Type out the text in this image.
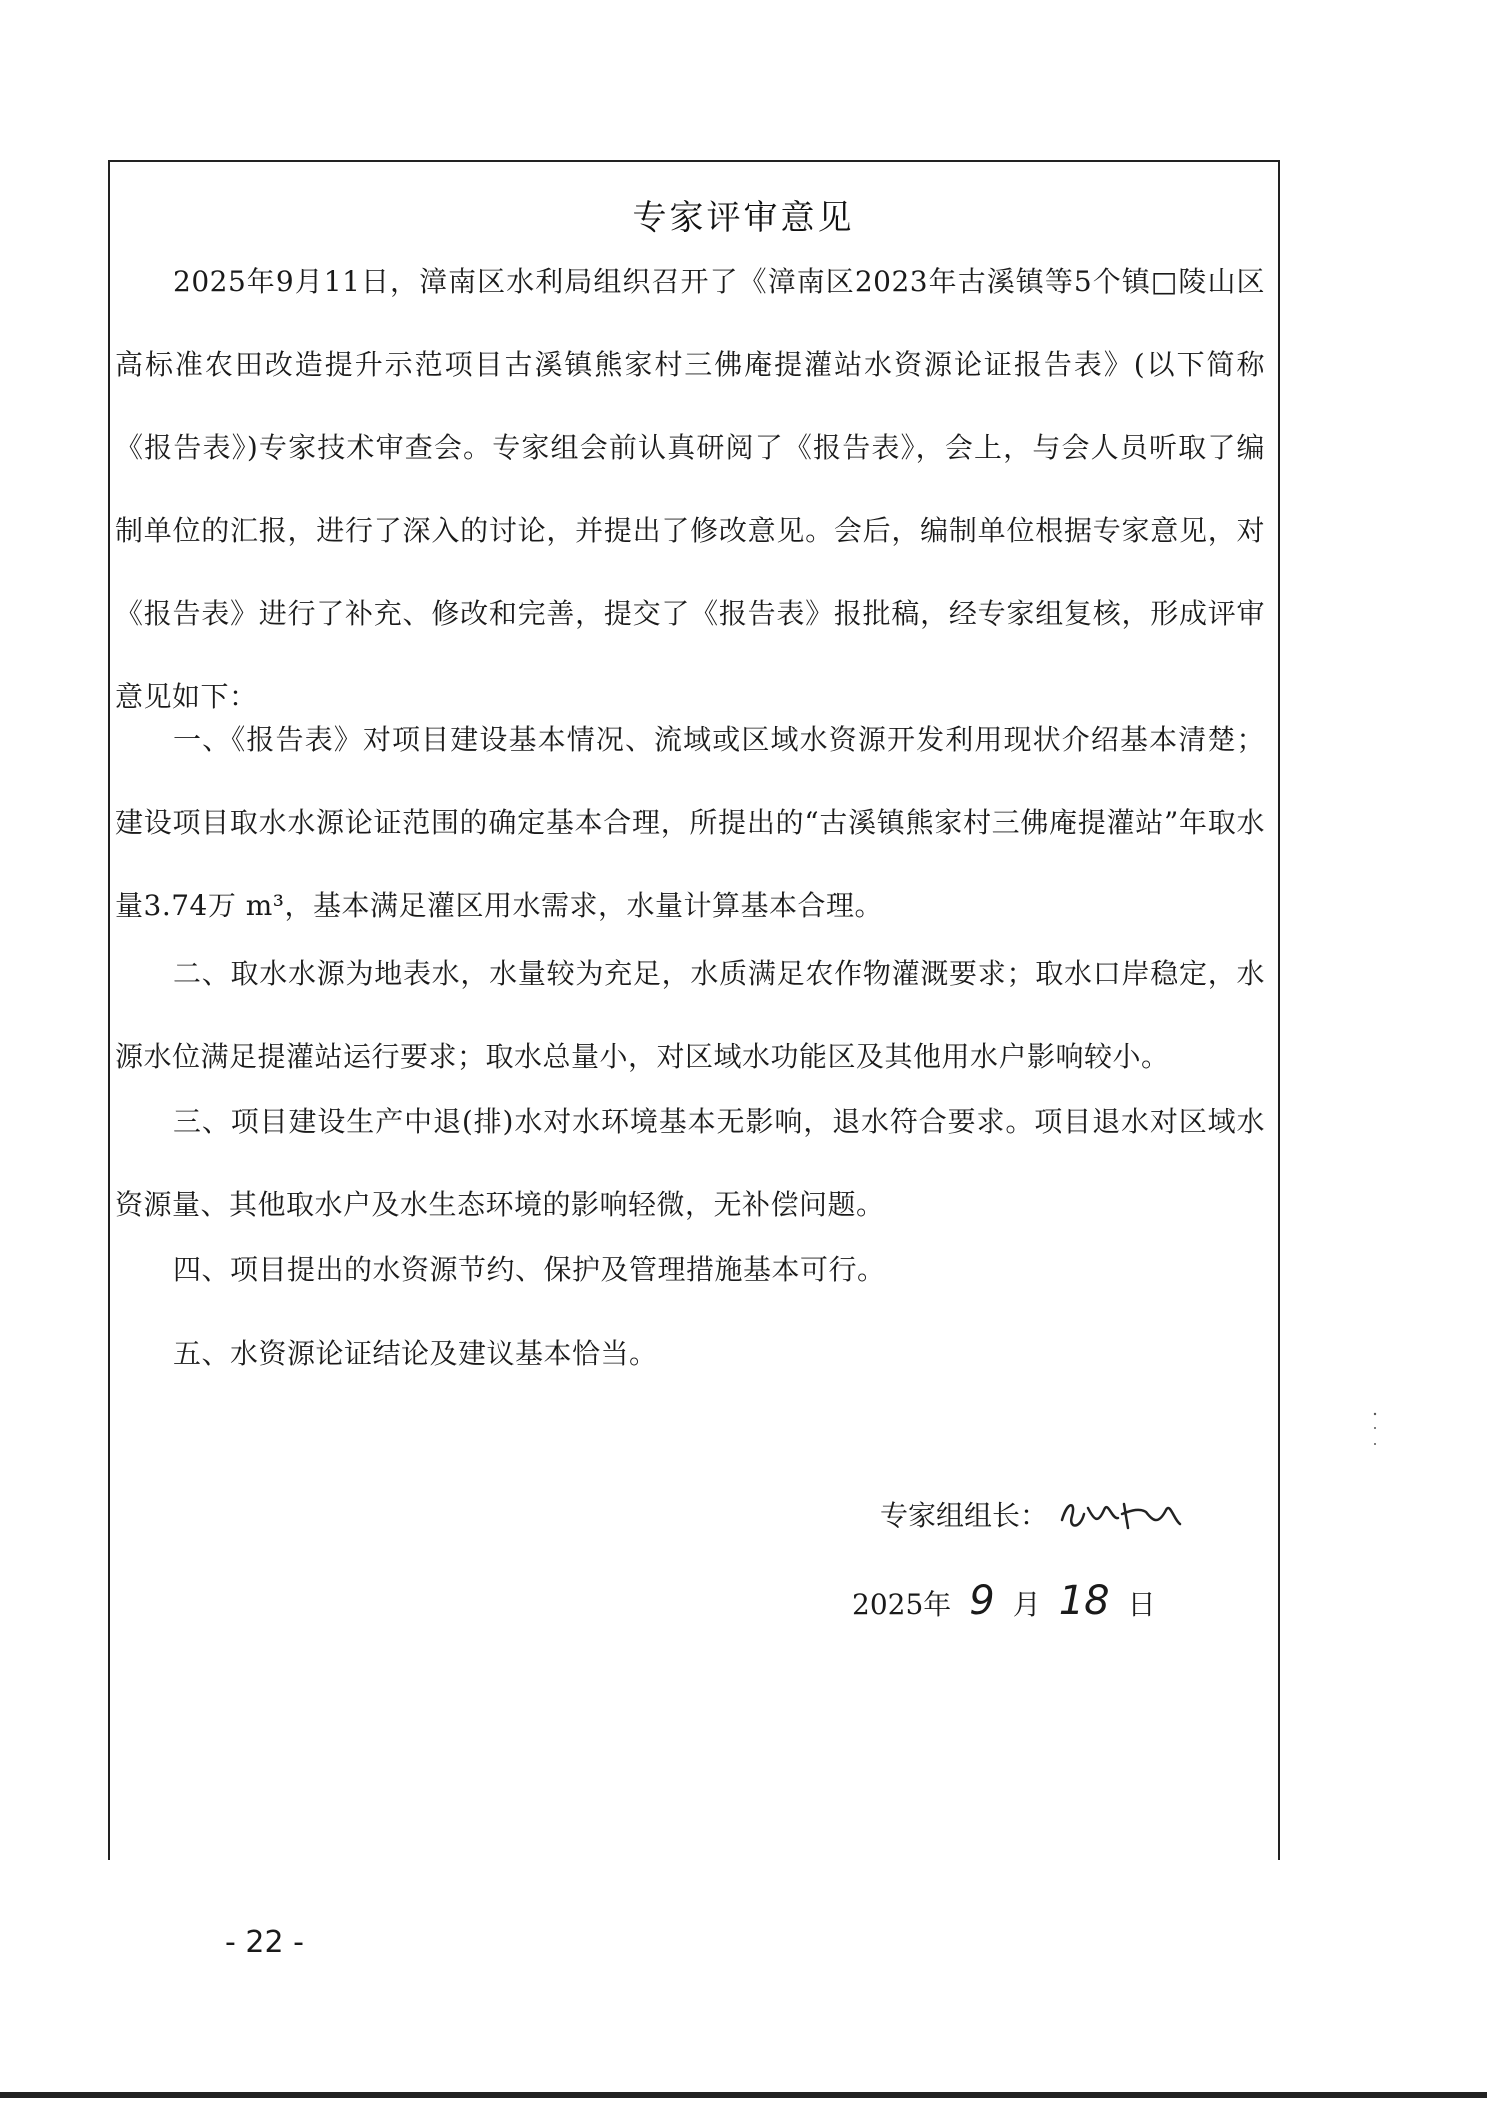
专家评审意见
2025年9月11日，漳南区水利局组织召开了《漳南区2023年古溪镇等5个镇□陵山区高标准农田改造提升示范项目古溪镇熊家村三佛庵提灌站水资源论证报告表》(以下简称《报告表》)专家技术审查会。专家组会前认真研阅了《报告表》，会上，与会人员听取了编制单位的汇报，进行了深入的讨论，并提出了修改意见。会后，编制单位根据专家意见，对《报告表》进行了补充、修改和完善，提交了《报告表》报批稿，经专家组复核，形成评审意见如下：
一、《报告表》对项目建设基本情况、流域或区域水资源开发利用现状介绍基本清楚；建设项目取水水源论证范围的确定基本合理，所提出的“古溪镇熊家村三佛庵提灌站”年取水量3.74万 m³，基本满足灌区用水需求，水量计算基本合理。
二、取水水源为地表水，水量较为充足，水质满足农作物灌溉要求；取水口岸稳定，水源水位满足提灌站运行要求；取水总量小，对区域水功能区及其他用水户影响较小。
三、项目建设生产中退(排)水对水环境基本无影响，退水符合要求。项目退水对区域水资源量、其他取水户及水生态环境的影响轻微，无补偿问题。
四、项目提出的水资源节约、保护及管理措施基本可行。
五、水资源论证结论及建议基本恰当。
专家组组长：
2025年 9 月 18 日
- 22 -
